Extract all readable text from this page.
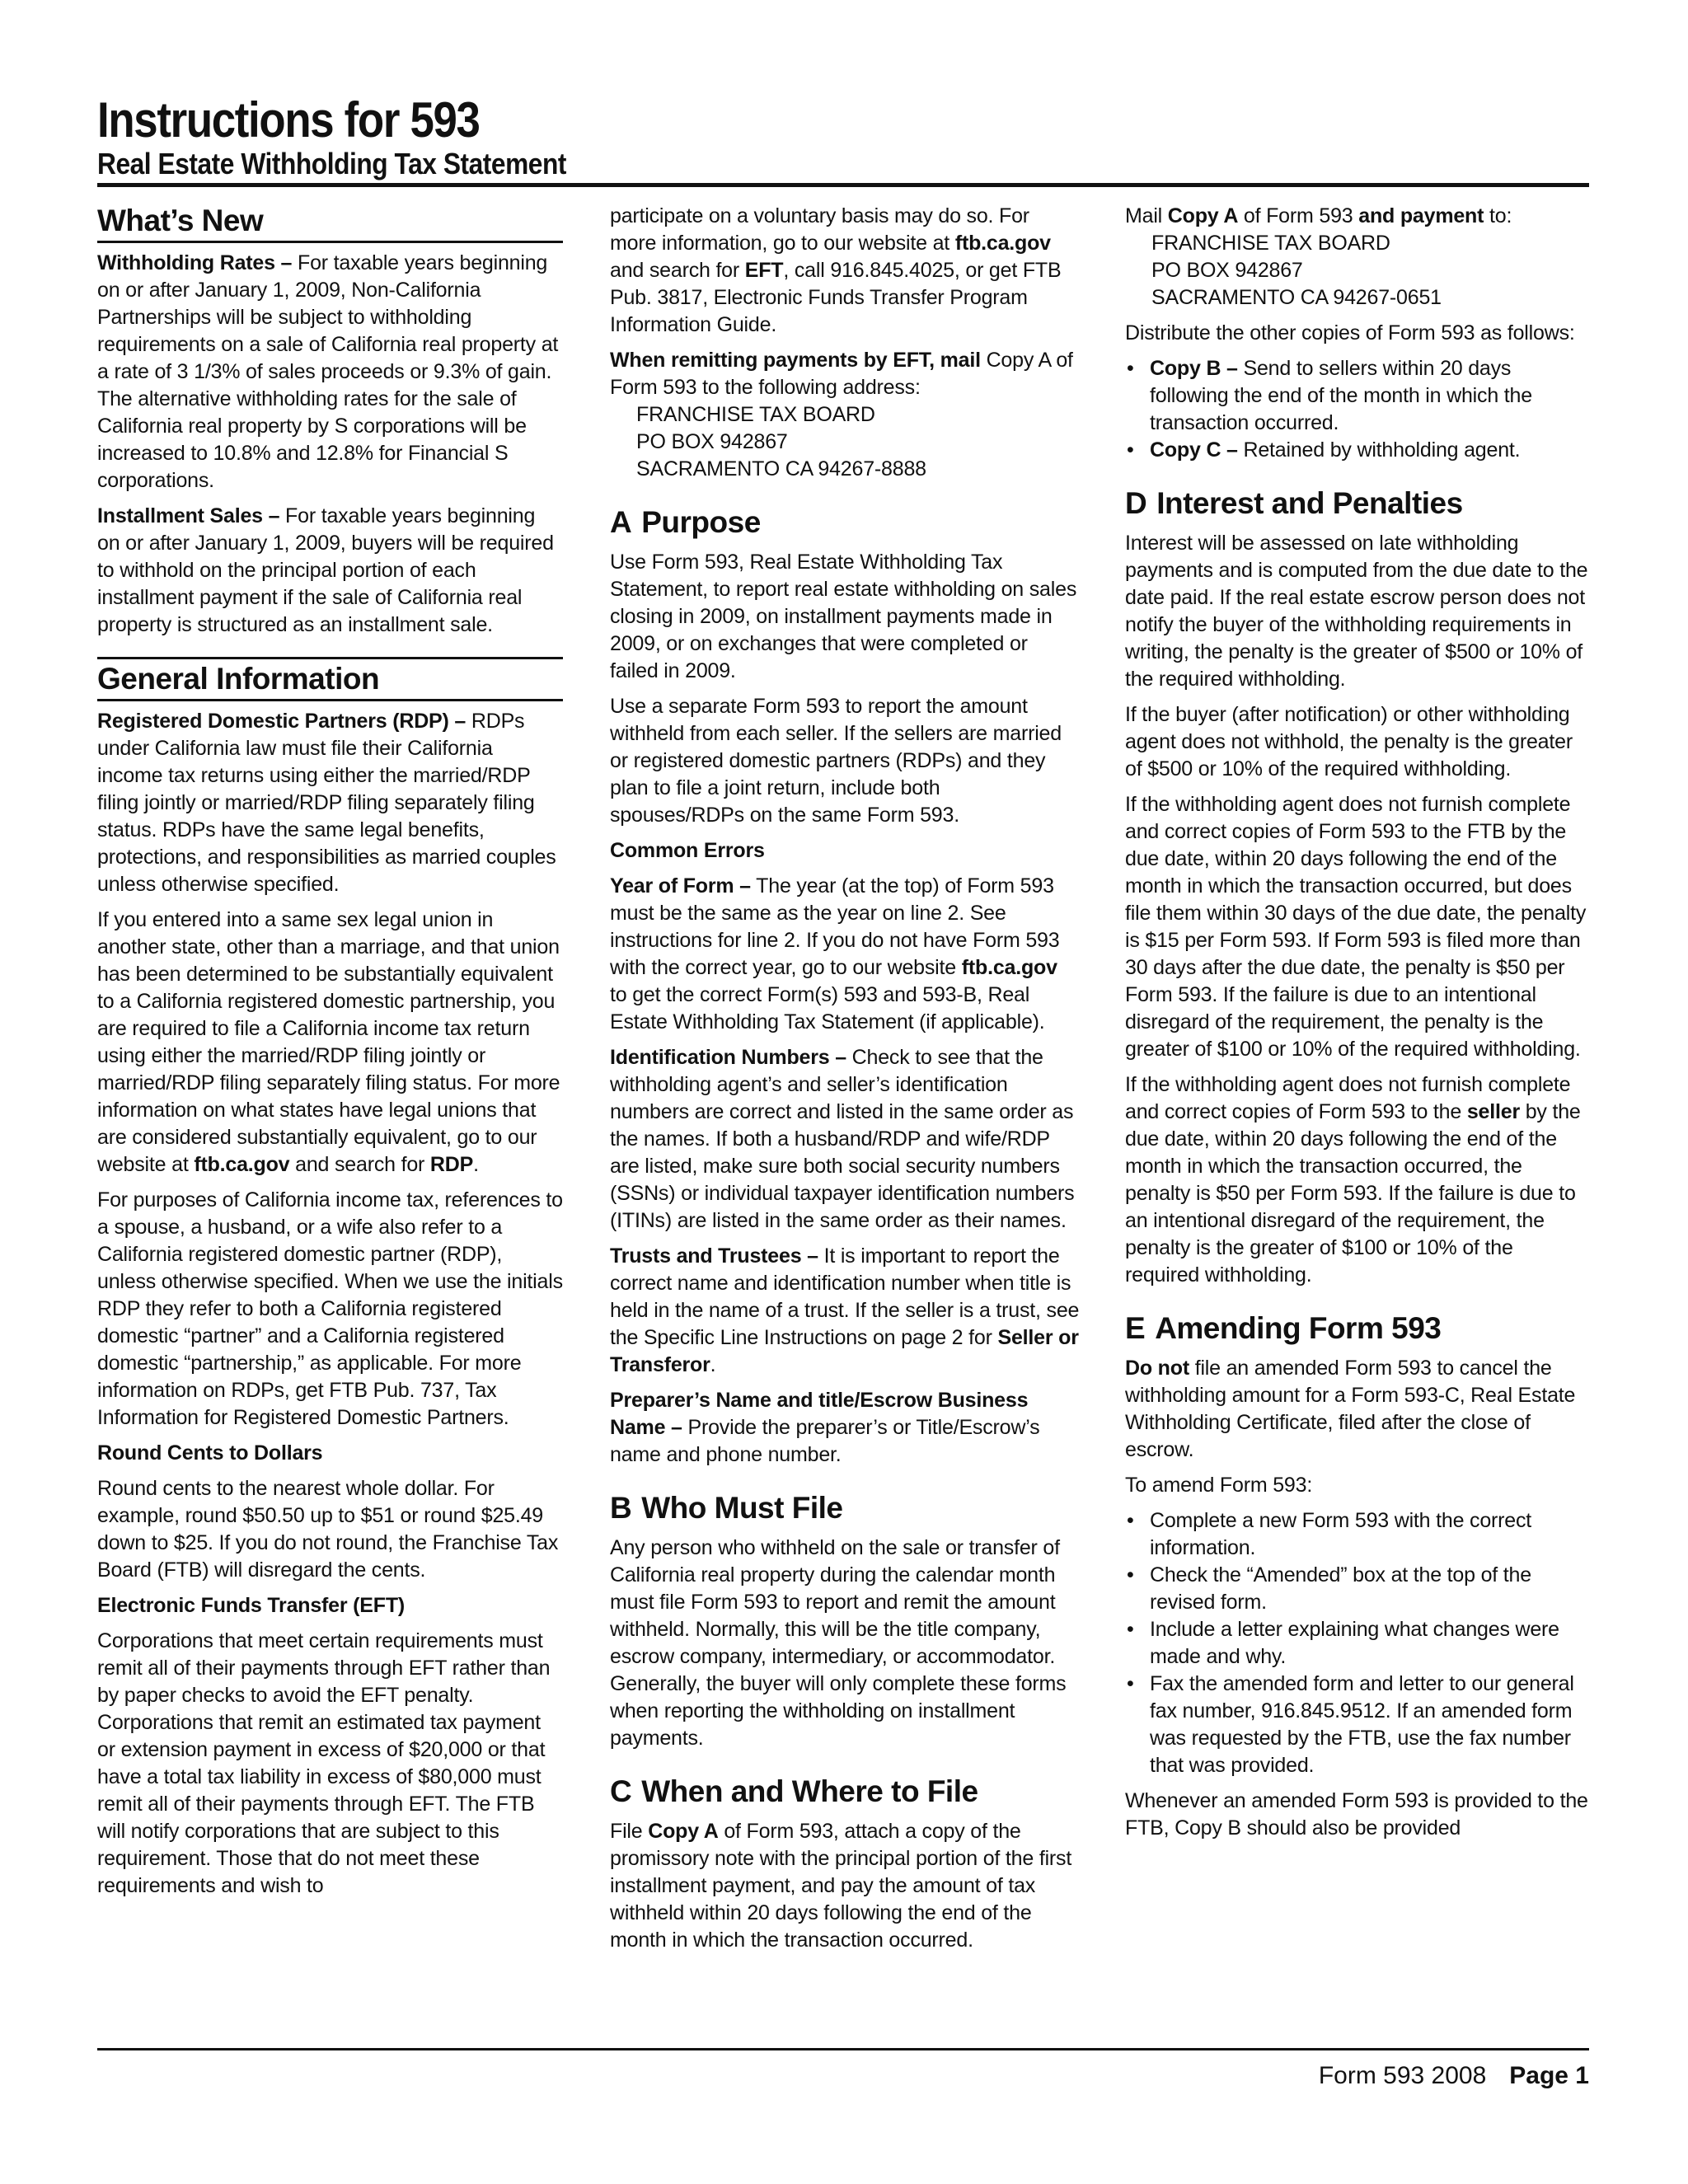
Instructions for 593
Real Estate Withholding Tax Statement
What’s New

Withholding Rates – For taxable years beginning on or after January 1, 2009, Non-California Partnerships will be subject to withholding requirements on a sale of California real property at a rate of 3 1/3% of sales proceeds or 9.3% of gain. The alternative withholding rates for the sale of California real property by S corporations will be increased to 10.8% and 12.8% for Financial S corporations.

Installment Sales – For taxable years beginning on or after January 1, 2009, buyers will be required to withhold on the principal portion of each installment payment if the sale of California real property is structured as an installment sale.

General Information

Registered Domestic Partners (RDP) – RDPs under California law must file their California income tax returns using either the married/RDP filing jointly or married/RDP filing separately filing status. RDPs have the same legal benefits, protections, and responsibilities as married couples unless otherwise specified.

If you entered into a same sex legal union in another state, other than a marriage, and that union has been determined to be substantially equivalent to a California registered domestic partnership, you are required to file a California income tax return using either the married/RDP filing jointly or married/RDP filing separately filing status. For more information on what states have legal unions that are considered substantially equivalent, go to our website at ftb.ca.gov and search for RDP.

For purposes of California income tax, references to a spouse, a husband, or a wife also refer to a California registered domestic partner (RDP), unless otherwise specified. When we use the initials RDP they refer to both a California registered domestic “partner” and a California registered domestic “partnership,” as applicable. For more information on RDPs, get FTB Pub. 737, Tax Information for Registered Domestic Partners.

Round Cents to Dollars

Round cents to the nearest whole dollar. For example, round $50.50 up to $51 or round $25.49 down to $25. If you do not round, the Franchise Tax Board (FTB) will disregard the cents.

Electronic Funds Transfer (EFT)

Corporations that meet certain requirements must remit all of their payments through EFT rather than by paper checks to avoid the EFT penalty. Corporations that remit an estimated tax payment or extension payment in excess of $20,000 or that have a total tax liability in excess of $80,000 must remit all of their payments through EFT. The FTB will notify corporations that are subject to this requirement. Those that do not meet these requirements and wish to

participate on a voluntary basis may do so. For more information, go to our website at ftb.ca.gov and search for EFT, call 916.845.4025, or get FTB Pub. 3817, Electronic Funds Transfer Program Information Guide.

When remitting payments by EFT, mail Copy A of Form 593 to the following address:

FRANCHISE TAX BOARD
PO BOX 942867
SACRAMENTO CA 94267-8888
A Purpose

Use Form 593, Real Estate Withholding Tax Statement, to report real estate withholding on sales closing in 2009, on installment payments made in 2009, or on exchanges that were completed or failed in 2009.

Use a separate Form 593 to report the amount withheld from each seller. If the sellers are married or registered domestic partners (RDPs) and they plan to file a joint return, include both spouses/RDPs on the same Form 593.

Common Errors

Year of Form – The year (at the top) of Form 593 must be the same as the year on line 2. See instructions for line 2. If you do not have Form 593 with the correct year, go to our website ftb.ca.gov to get the correct Form(s) 593 and 593-B, Real Estate Withholding Tax Statement (if applicable).

Identification Numbers – Check to see that the withholding agent’s and seller’s identification numbers are correct and listed in the same order as the names. If both a husband/RDP and wife/RDP are listed, make sure both social security numbers (SSNs) or individual taxpayer identification numbers (ITINs) are listed in the same order as their names.

Trusts and Trustees – It is important to report the correct name and identification number when title is held in the name of a trust. If the seller is a trust, see the Specific Line Instructions on page 2 for Seller or Transferor.

Preparer’s Name and title/Escrow Business Name – Provide the preparer’s or Title/Escrow’s name and phone number.

B Who Must File

Any person who withheld on the sale or transfer of California real property during the calendar month must file Form 593 to report and remit the amount withheld. Normally, this will be the title company, escrow company, intermediary, or accommodator. Generally, the buyer will only complete these forms when reporting the withholding on installment payments.

C When and Where to File

File Copy A of Form 593, attach a copy of the promissory note with the principal portion of the first installment payment, and pay the amount of tax withheld within 20 days following the end of the month in which the transaction occurred.

Mail Copy A of Form 593 and payment to:

FRANCHISE TAX BOARD
PO BOX 942867
SACRAMENTO CA 94267-0651

Distribute the other copies of Form 593 as follows:

• Copy B – Send to sellers within 20 days following the end of the month in which the transaction occurred.
• Copy C – Retained by withholding agent.
D Interest and Penalties

Interest will be assessed on late withholding payments and is computed from the due date to the date paid. If the real estate escrow person does not notify the buyer of the withholding requirements in writing, the penalty is the greater of $500 or 10% of the required withholding.

If the buyer (after notification) or other withholding agent does not withhold, the penalty is the greater of $500 or 10% of the required withholding.

If the withholding agent does not furnish complete and correct copies of Form 593 to the FTB by the due date, within 20 days following the end of the month in which the transaction occurred, but does file them within 30 days of the due date, the penalty is $15 per Form 593. If Form 593 is filed more than 30 days after the due date, the penalty is $50 per Form 593. If the failure is due to an intentional disregard of the requirement, the penalty is the greater of $100 or 10% of the required withholding.

If the withholding agent does not furnish complete and correct copies of Form 593 to the seller by the due date, within 20 days following the end of the month in which the transaction occurred, the penalty is $50 per Form 593. If the failure is due to an intentional disregard of the requirement, the penalty is the greater of $100 or 10% of the required withholding.

E Amending Form 593

Do not file an amended Form 593 to cancel the withholding amount for a Form 593-C, Real Estate Withholding Certificate, filed after the close of escrow.

To amend Form 593:

• Complete a new Form 593 with the correct information.
• Check the “Amended” box at the top of the revised form.
• Include a letter explaining what changes were made and why.
• Fax the amended form and letter to our general fax number, 916.845.9512. If an amended form was requested by the FTB, use the fax number that was provided.

Whenever an amended Form 593 is provided to the FTB, Copy B should also be provided

Form 593 2008 Page 1
